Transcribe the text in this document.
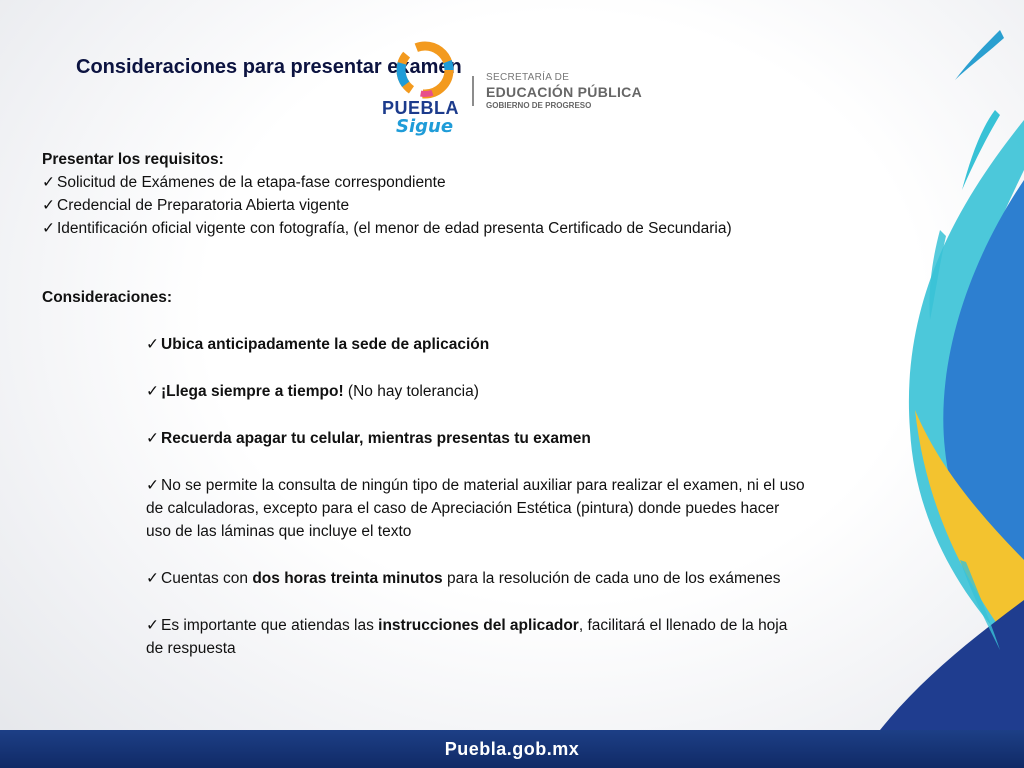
Consideraciones para presentar examen
PUEBLA
Sigue
SECRETARÍA DE
EDUCACIÓN PÚBLICA
GOBIERNO DE PROGRESO

Presentar los requisitos:

✓ Solicitud de Exámenes de la etapa-fase correspondiente

✓ Credencial de Preparatoria Abierta vigente

✓ Identificación oficial vigente con fotografía, (el menor de edad presenta Certificado de Secundaria)

Consideraciones:

✓ Ubica anticipadamente la sede de aplicación

✓ ¡Llega siempre a tiempo! (No hay tolerancia)

✓ Recuerda apagar tu celular, mientras presentas tu examen

✓ No se permite la consulta de ningún tipo de material auxiliar para realizar el examen, ni el uso de calculadoras, excepto para el caso de Apreciación Estética (pintura) donde puedes hacer uso de las láminas que incluye el texto

✓ Cuentas con dos horas treinta minutos para la resolución de cada uno de los exámenes

✓ Es importante que atiendas las instrucciones del aplicador, facilitará el llenado de la hoja de respuesta

Puebla.gob.mx
